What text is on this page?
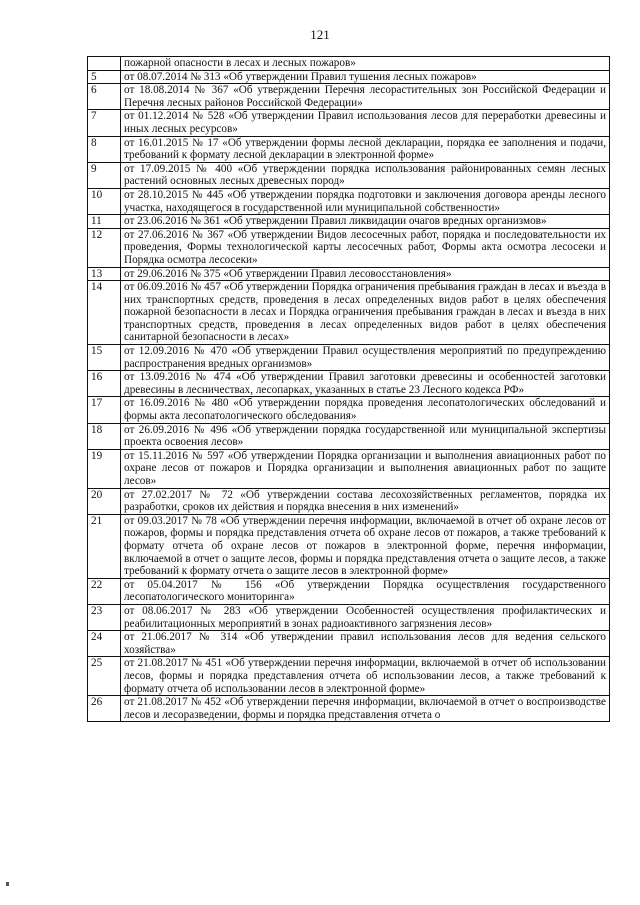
121
	пожарной опасности в лесах и лесных пожаров»
5	от 08.07.2014 № 313 «Об утверждении Правил тушения лесных пожаров»
6	от 18.08.2014 № 367 «Об утверждении Перечня лесорастительных зон Российской Федерации и Перечня лесных районов Российской Федерации»
7	от 01.12.2014 № 528 «Об утверждении Правил использования лесов для переработки древесины и иных лесных ресурсов»
8	от 16.01.2015 № 17 «Об утверждении формы лесной декларации, порядка ее заполнения и подачи, требований к формату лесной декларации в электронной форме»
9	от 17.09.2015 № 400 «Об утверждении порядка использования районированных семян лесных растений основных лесных древесных пород»
10	от 28.10.2015 № 445 «Об утверждении порядка подготовки и заключения договора аренды лесного участка, находящегося в государственной или муниципальной собственности»
11	от 23.06.2016 № 361 «Об утверждении Правил ликвидации очагов вредных организмов»
12	от 27.06.2016 № 367 «Об утверждении Видов лесосечных работ, порядка и последовательности их проведения, Формы технологической карты лесосечных работ, Формы акта осмотра лесосеки и Порядка осмотра лесосеки»
13	от 29.06.2016 № 375 «Об утверждении Правил лесовосстановления»
14	от 06.09.2016 № 457 «Об утверждении Порядка ограничения пребывания граждан в лесах и въезда в них транспортных средств, проведения в лесах определенных видов работ в целях обеспечения пожарной безопасности в лесах и Порядка ограничения пребывания граждан в лесах и въезда в них транспортных средств, проведения в лесах определенных видов работ в целях обеспечения санитарной безопасности в лесах»
15	от 12.09.2016 № 470 «Об утверждении Правил осуществления мероприятий по предупреждению распространения вредных организмов»
16	от 13.09.2016 № 474 «Об утверждении Правил заготовки древесины и особенностей заготовки древесины в лесничествах, лесопарках, указанных в статье 23 Лесного кодекса РФ»
17	от 16.09.2016 № 480 «Об утверждении порядка проведения лесопатологических обследований и формы акта лесопатологического обследования»
18	от 26.09.2016 № 496 «Об утверждении порядка государственной или муниципальной экспертизы проекта освоения лесов»
19	от 15.11.2016 № 597 «Об утверждении Порядка организации и выполнения авиационных работ по охране лесов от пожаров и Порядка организации и выполнения авиационных работ по защите лесов»
20	от 27.02.2017 № 72 «Об утверждении состава лесохозяйственных регламентов, порядка их разработки, сроков их действия и порядка внесения в них изменений»
21	от 09.03.2017 № 78 «Об утверждении перечня информации, включаемой в отчет об охране лесов от пожаров, формы и порядка представления отчета об охране лесов от пожаров, а также требований к формату отчета об охране лесов от пожаров в электронной форме, перечня информации, включаемой в отчет о защите лесов, формы и порядка представления отчета о защите лесов, а также требований к формату отчета о защите лесов в электронной форме»
22	от 05.04.2017 № 156 «Об утверждении Порядка осуществления государственного лесопатологического мониторинга»
23	от 08.06.2017 № 283 «Об утверждении Особенностей осуществления профилактических и реабилитационных мероприятий в зонах радиоактивного загрязнения лесов»
24	от 21.06.2017 № 314 «Об утверждении правил использования лесов для ведения сельского хозяйства»
25	от 21.08.2017 № 451 «Об утверждении перечня информации, включаемой в отчет об использовании лесов, формы и порядка представления отчета об использовании лесов, а также требований к формату отчета об использовании лесов в электронной форме»
26	от 21.08.2017 № 452 «Об утверждении перечня информации, включаемой в отчет о воспроизводстве лесов и лесоразведении, формы и порядка представления отчета о
